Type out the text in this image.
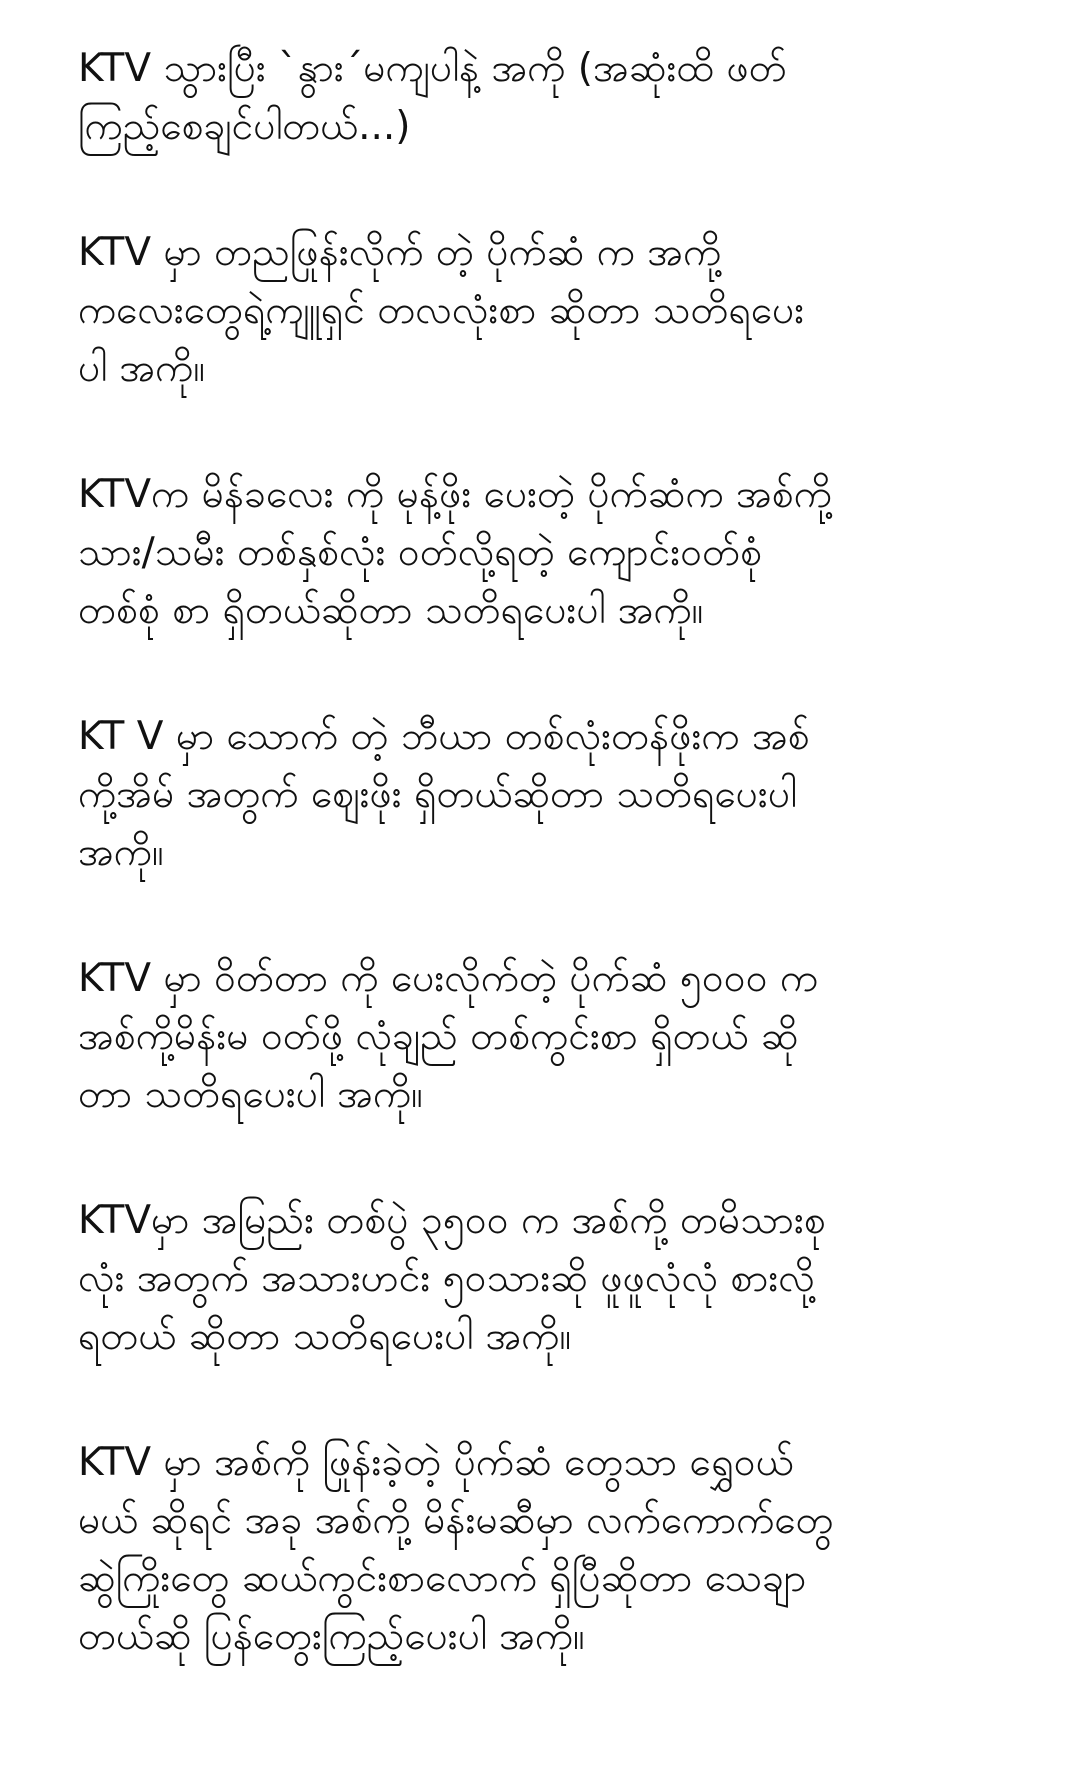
KTV သွားပြီး `နွား´မကျပါနဲ့ အကို (အဆုံးထိ ဖတ်
ကြည့်စေချင်ပါတယ်...)
KTV မှာ တညဖြုန်းလိုက် တဲ့ ပိုက်ဆံ က အကို့
ကလေးတွေရဲ့ကျူရှင် တလလုံးစာ ဆိုတာ သတိရပေး
ပါ အကို။
KTVက မိန်ခလေး ကို မုန့်ဖိုး ပေးတဲ့ ပိုက်ဆံက အစ်ကို့
သား/သမီး တစ်နှစ်လုံး ဝတ်လို့ရတဲ့ ကျောင်းဝတ်စုံ
တစ်စုံ စာ ရှိတယ်ဆိုတာ သတိရပေးပါ အကို။
KT V မှာ သောက် တဲ့ ဘီယာ တစ်လုံးတန်ဖိုးက အစ်
ကို့အိမ် အတွက် ဈေးဖိုး ရှိတယ်ဆိုတာ သတိရပေးပါ
အကို။
KTV မှာ ဝိတ်တာ ကို ပေးလိုက်တဲ့ ပိုက်ဆံ ၅၀၀၀ က
အစ်ကို့မိန်းမ ဝတ်ဖို့ လုံချည် တစ်ကွင်းစာ ရှိတယ် ဆို
တာ သတိရပေးပါ အကို။
KTVမှာ အမြည်း တစ်ပွဲ ၃၅၀၀ က အစ်ကို့ တမိသားစု
လုံး အတွက် အသားဟင်း ၅၀သားဆို ဖူဖူလုံလုံ စားလို့
ရတယ် ဆိုတာ သတိရပေးပါ အကို။
KTV မှာ အစ်ကို ဖြုန်းခဲ့တဲ့ ပိုက်ဆံ တွေသာ ရွှေဝယ်
မယ် ဆိုရင် အခု အစ်ကို့ မိန်းမဆီမှာ လက်ကောက်တွေ
ဆွဲကြိုးတွေ ဆယ်ကွင်းစာလောက် ရှိပြီဆိုတာ သေချာ
တယ်ဆို ပြန်တွေးကြည့်ပေးပါ အကို။
